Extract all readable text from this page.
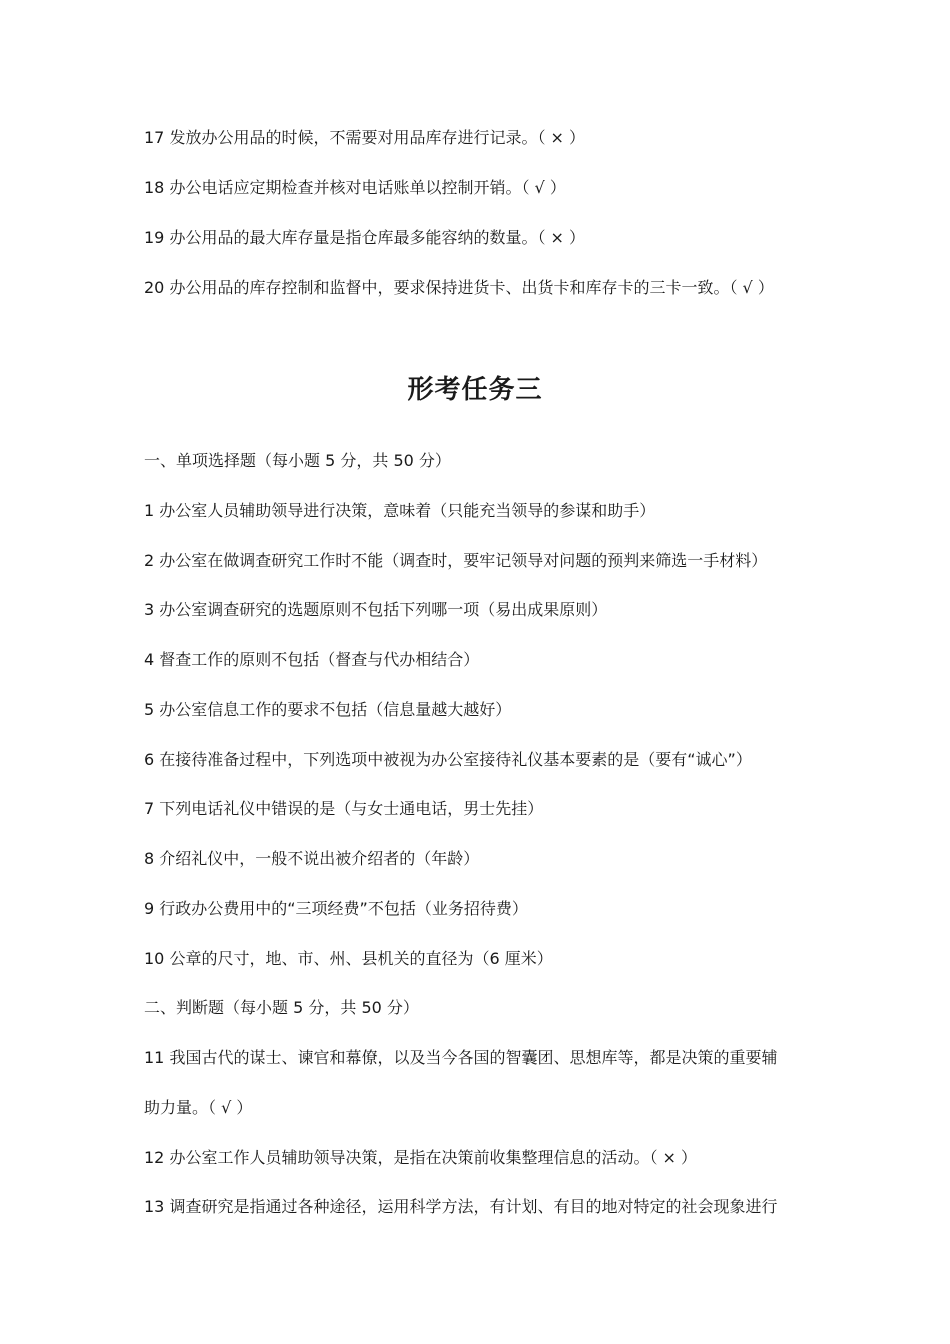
17 发放办公用品的时候，不需要对用品库存进行记录。（ × ）
18 办公电话应定期检查并核对电话账单以控制开销。（ √ ）
19 办公用品的最大库存量是指仓库最多能容纳的数量。（ × ）
20 办公用品的库存控制和监督中，要求保持进货卡、出货卡和库存卡的三卡一致。（ √ ）
形考任务三
一、单项选择题（每小题 5 分，共 50 分）
1 办公室人员辅助领导进行决策，意味着（只能充当领导的参谋和助手）
2 办公室在做调查研究工作时不能（调查时，要牢记领导对问题的预判来筛选一手材料）
3 办公室调查研究的选题原则不包括下列哪一项（易出成果原则）
4 督查工作的原则不包括（督查与代办相结合）
5 办公室信息工作的要求不包括（信息量越大越好）
6 在接待准备过程中，下列选项中被视为办公室接待礼仪基本要素的是（要有“诚心”）
7 下列电话礼仪中错误的是（与女士通电话，男士先挂）
8 介绍礼仪中，一般不说出被介绍者的（年龄）
9 行政办公费用中的“三项经费”不包括（业务招待费）
10 公章的尺寸，地、市、州、县机关的直径为（6 厘米）
二、判断题（每小题 5 分，共 50 分）
11 我国古代的谋士、谏官和幕僚，以及当今各国的智囊团、思想库等，都是决策的重要辅
助力量。（ √ ）
12 办公室工作人员辅助领导决策，是指在决策前收集整理信息的活动。（ × ）
13 调查研究是指通过各种途径，运用科学方法，有计划、有目的地对特定的社会现象进行
